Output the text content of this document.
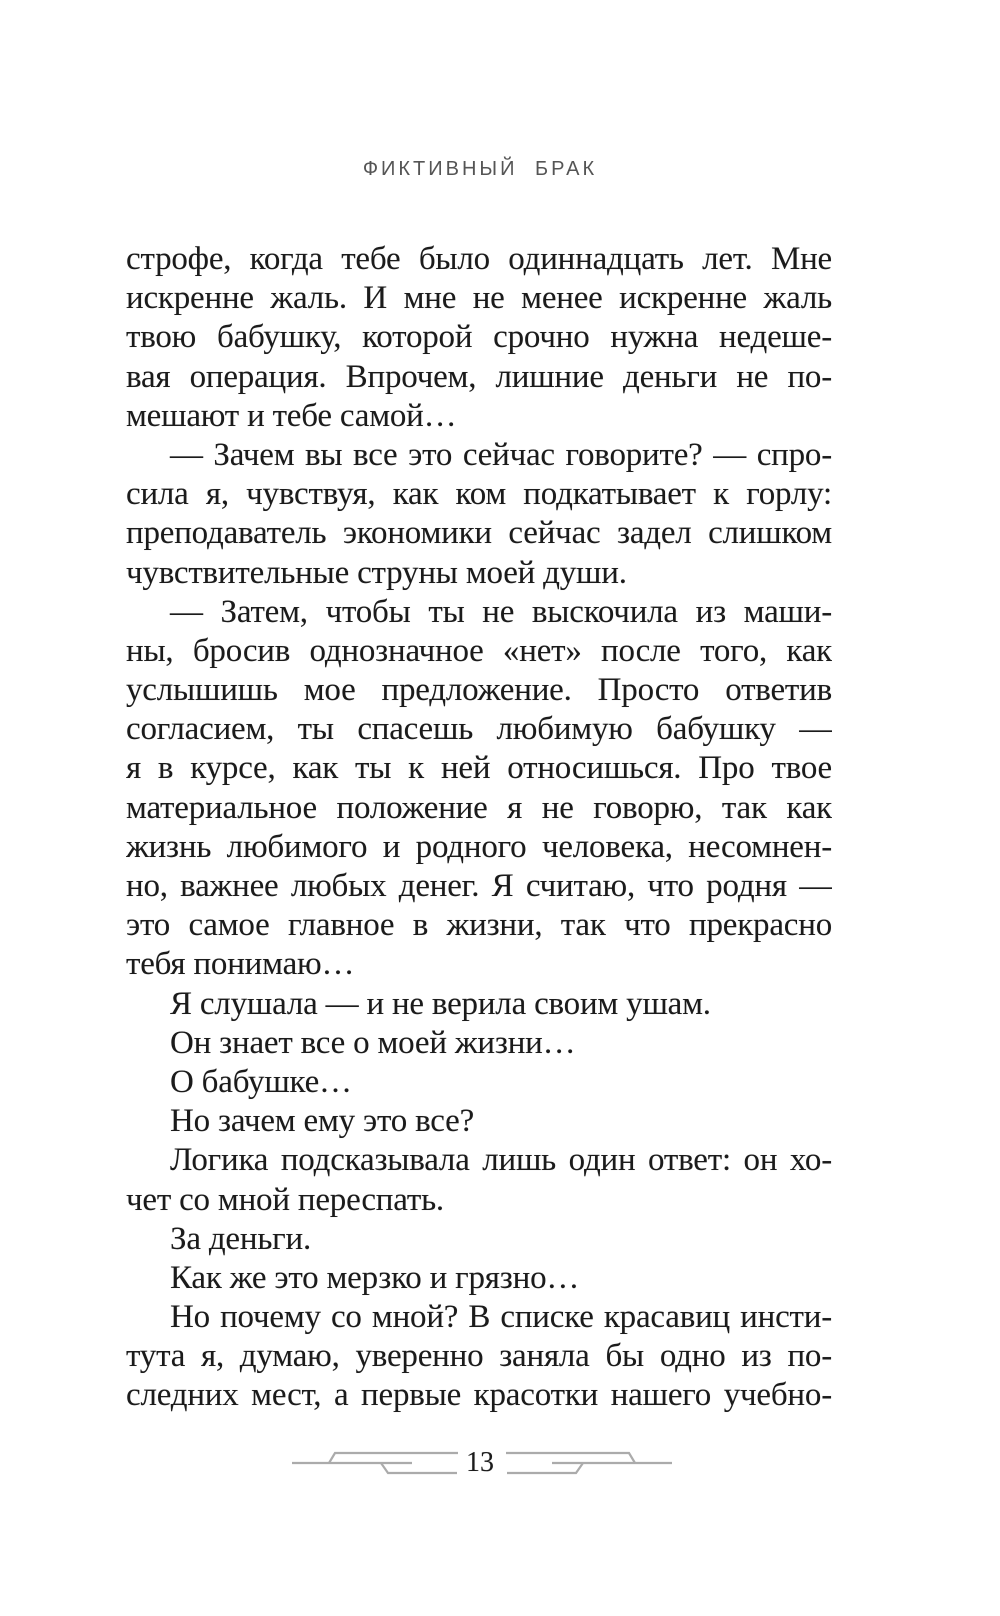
ФИКТИВНЫЙ БРАК
строфе, когда тебе было одиннадцать лет. Мне
искренне жаль. И мне не менее искренне жаль
твою бабушку, которой срочно нужна недеше-
вая операция. Впрочем, лишние деньги не по-
мешают и тебе самой…
— Зачем вы все это сейчас говорите? — спро-
сила я, чувствуя, как ком подкатывает к горлу:
преподаватель экономики сейчас задел слишком
чувствительные струны моей души.
— Затем, чтобы ты не выскочила из маши-
ны, бросив однозначное «нет» после того, как
услышишь мое предложение. Просто ответив
согласием, ты спасешь любимую бабушку —
я в курсе, как ты к ней относишься. Про твое
материальное положение я не говорю, так как
жизнь любимого и родного человека, несомнен-
но, важнее любых денег. Я считаю, что родня —
это самое главное в жизни, так что прекрасно
тебя понимаю…
Я слушала — и не верила своим ушам.
Он знает все о моей жизни…
О бабушке…
Но зачем ему это все?
Логика подсказывала лишь один ответ: он хо-
чет со мной переспать.
За деньги.
Как же это мерзко и грязно…
Но почему со мной? В списке красавиц инсти-
тута я, думаю, уверенно заняла бы одно из по-
следних мест, а первые красотки нашего учебно-
13
